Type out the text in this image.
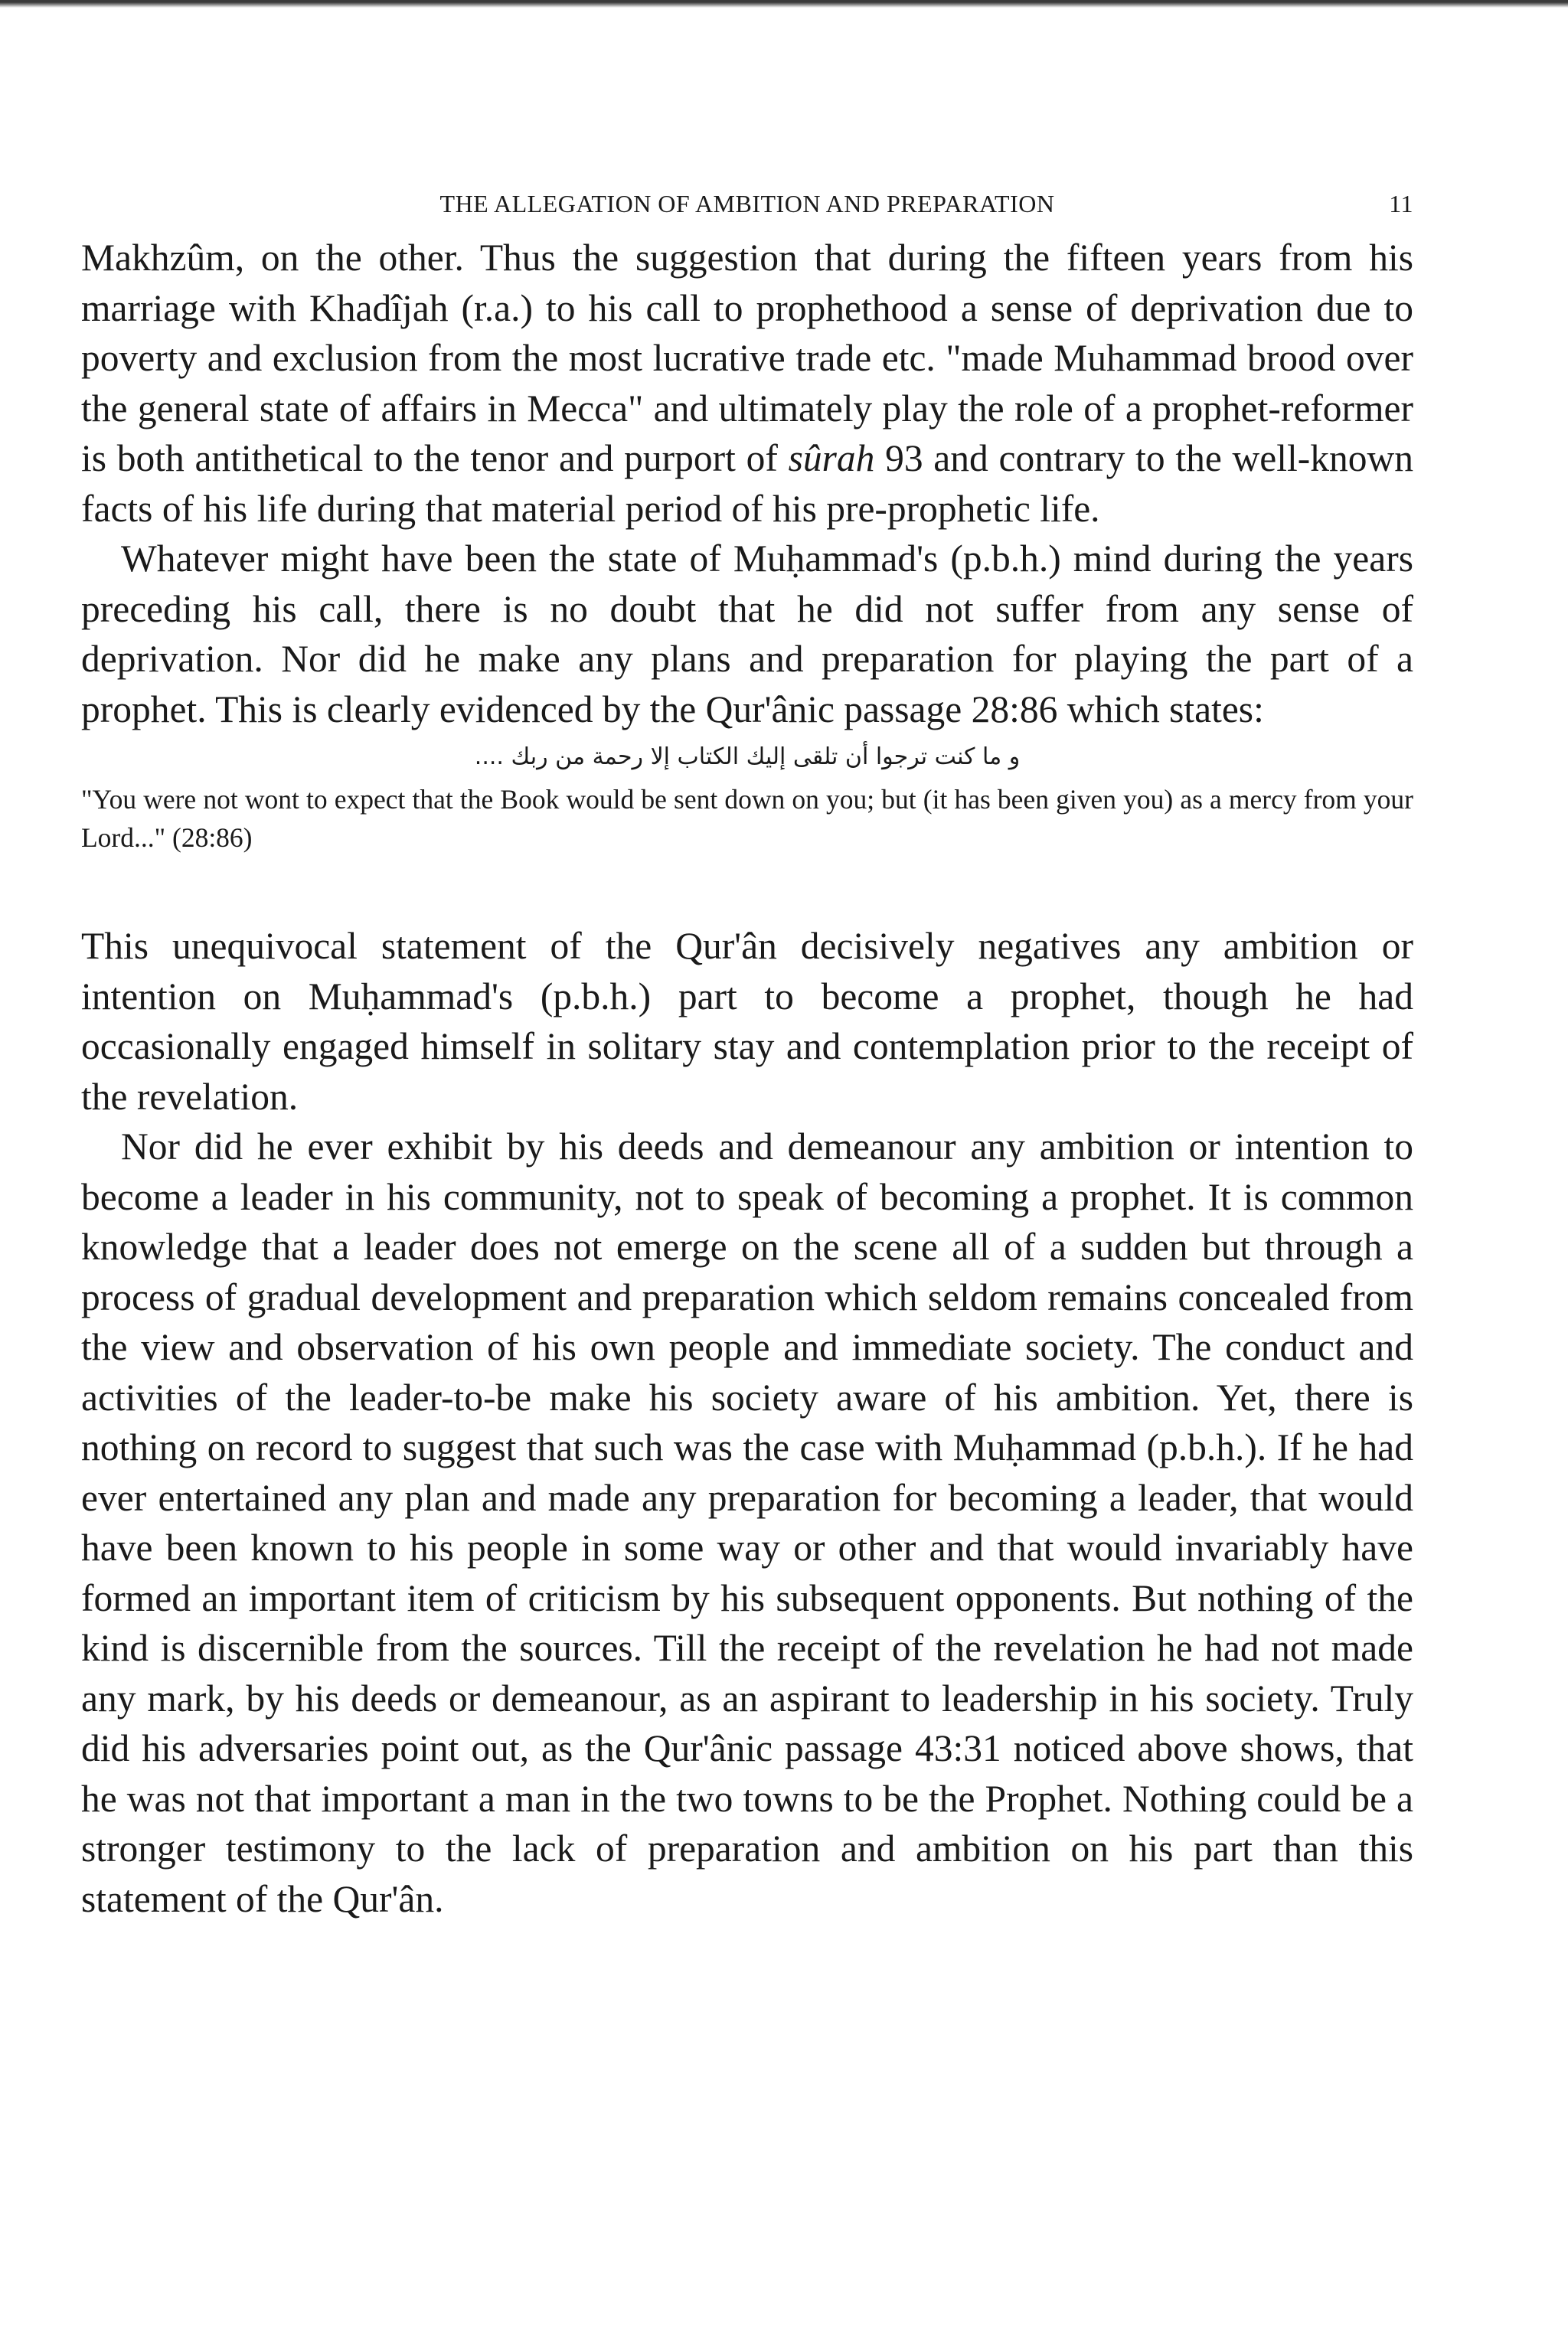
THE ALLEGATION OF AMBITION AND PREPARATION	11

Makhzûm, on the other. Thus the suggestion that during the fifteen years from his marriage with Khadîjah (r.a.) to his call to prophethood a sense of deprivation due to poverty and exclusion from the most lucrative trade etc. "made Muhammad brood over the general state of affairs in Mecca" and ultimately play the role of a prophet-reformer is both antithetical to the tenor and purport of sûrah 93 and contrary to the well-known facts of his life during that material period of his pre-prophetic life.

Whatever might have been the state of Muḥammad's (p.b.h.) mind during the years preceding his call, there is no doubt that he did not suffer from any sense of deprivation. Nor did he make any plans and preparation for playing the part of a prophet. This is clearly evidenced by the Qur'ânic passage 28:86 which states:

و ما كنت ترجوا أن تلقى إليك الكتاب إلا رحمة من ربك ....

"You were not wont to expect that the Book would be sent down on you; but (it has been given you) as a mercy from your Lord..." (28:86)

This unequivocal statement of the Qur'ân decisively negatives any ambition or intention on Muḥammad's (p.b.h.) part to become a prophet, though he had occasionally engaged himself in solitary stay and contemplation prior to the receipt of the revelation.

Nor did he ever exhibit by his deeds and demeanour any ambition or intention to become a leader in his community, not to speak of becoming a prophet. It is common knowledge that a leader does not emerge on the scene all of a sudden but through a process of gradual development and preparation which seldom remains concealed from the view and observation of his own people and immediate society. The conduct and activities of the leader-to-be make his society aware of his ambition. Yet, there is nothing on record to suggest that such was the case with Muḥammad (p.b.h.). If he had ever entertained any plan and made any preparation for becoming a leader, that would have been known to his people in some way or other and that would invariably have formed an important item of criticism by his subsequent opponents. But nothing of the kind is discernible from the sources. Till the receipt of the revelation he had not made any mark, by his deeds or demeanour, as an aspirant to leadership in his society. Truly did his adversaries point out, as the Qur'ânic passage 43:31 noticed above shows, that he was not that important a man in the two towns to be the Prophet. Nothing could be a stronger testimony to the lack of preparation and ambition on his part than this statement of the Qur'ân.
